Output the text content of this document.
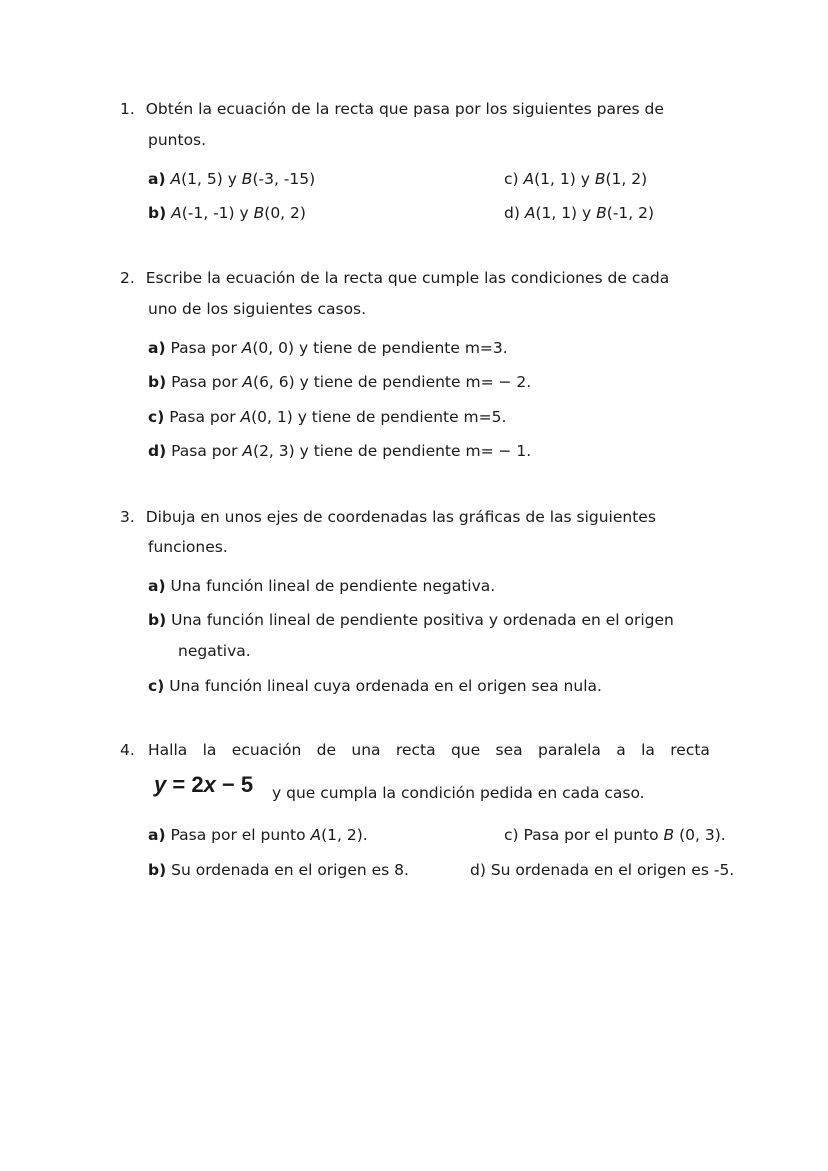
1. Obtén la ecuación de la recta que pasa por los siguientes pares de
puntos.
a) A(1, 5) y B(-3, -15)	c) A(1, 1) y B(1, 2)
b) A(-1, -1) y B(0, 2)	d) A(1, 1) y B(-1, 2)
2. Escribe la ecuación de la recta que cumple las condiciones de cada
uno de los siguientes casos.
a) Pasa por A(0, 0) y tiene de pendiente m=3.
b) Pasa por A(6, 6) y tiene de pendiente m= − 2.
c) Pasa por A(0, 1) y tiene de pendiente m=5.
d) Pasa por A(2, 3) y tiene de pendiente m= − 1.
3. Dibuja en unos ejes de coordenadas las gráficas de las siguientes
funciones.
a) Una función lineal de pendiente negativa.
b) Una función lineal de pendiente positiva y ordenada en el origen
negativa.
c) Una función lineal cuya ordenada en el origen sea nula.
4. Halla la ecuación de una recta que sea paralela a la recta
y = 2x − 5 y que cumpla la condición pedida en cada caso.
a) Pasa por el punto A(1, 2).	c) Pasa por el punto B (0, 3).
b) Su ordenada en el origen es 8.	d) Su ordenada en el origen es -5.
